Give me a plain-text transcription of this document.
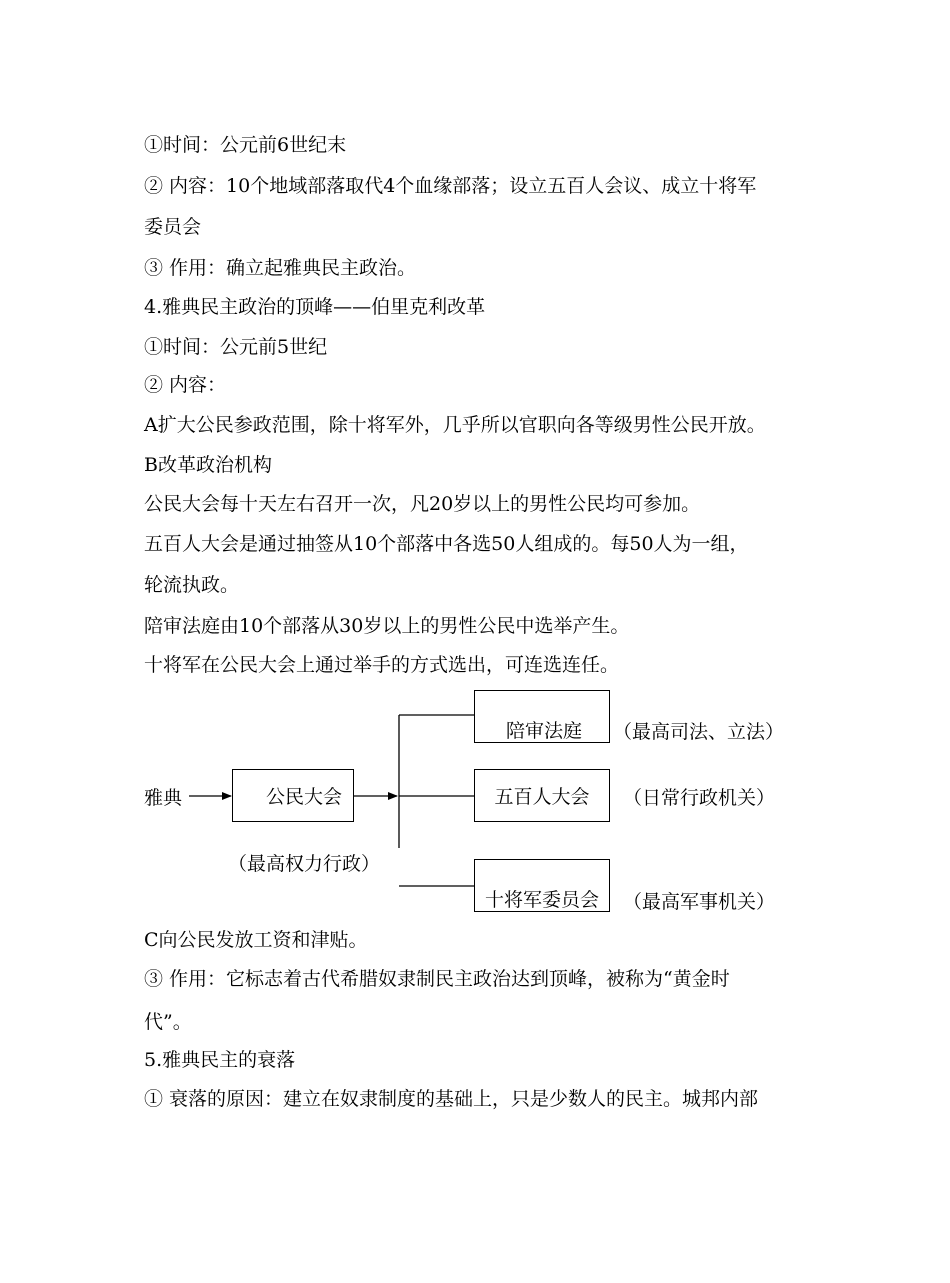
①时间：公元前6世纪末
② 内容：10个地域部落取代4个血缘部落；设立五百人会议、成立十将军
委员会
③ 作用：确立起雅典民主政治。
4.雅典民主政治的顶峰——伯里克利改革
①时间：公元前5世纪
② 内容：
A扩大公民参政范围，除十将军外，几乎所以官职向各等级男性公民开放。
B改革政治机构
公民大会每十天左右召开一次，凡20岁以上的男性公民均可参加。
五百人大会是通过抽签从10个部落中各选50人组成的。每50人为一组，
轮流执政。
陪审法庭由10个部落从30岁以上的男性公民中选举产生。
十将军在公民大会上通过举手的方式选出，可连选连任。
雅典	公民大会
（最高权力行政）
陪审法庭 （最高司法、立法）
五百人大会 （日常行政机关）
十将军委员会 （最高军事机关）
C向公民发放工资和津贴。
③ 作用：它标志着古代希腊奴隶制民主政治达到顶峰，被称为“黄金时
代”。
5.雅典民主的衰落
① 衰落的原因：建立在奴隶制度的基础上，只是少数人的民主。城邦内部
